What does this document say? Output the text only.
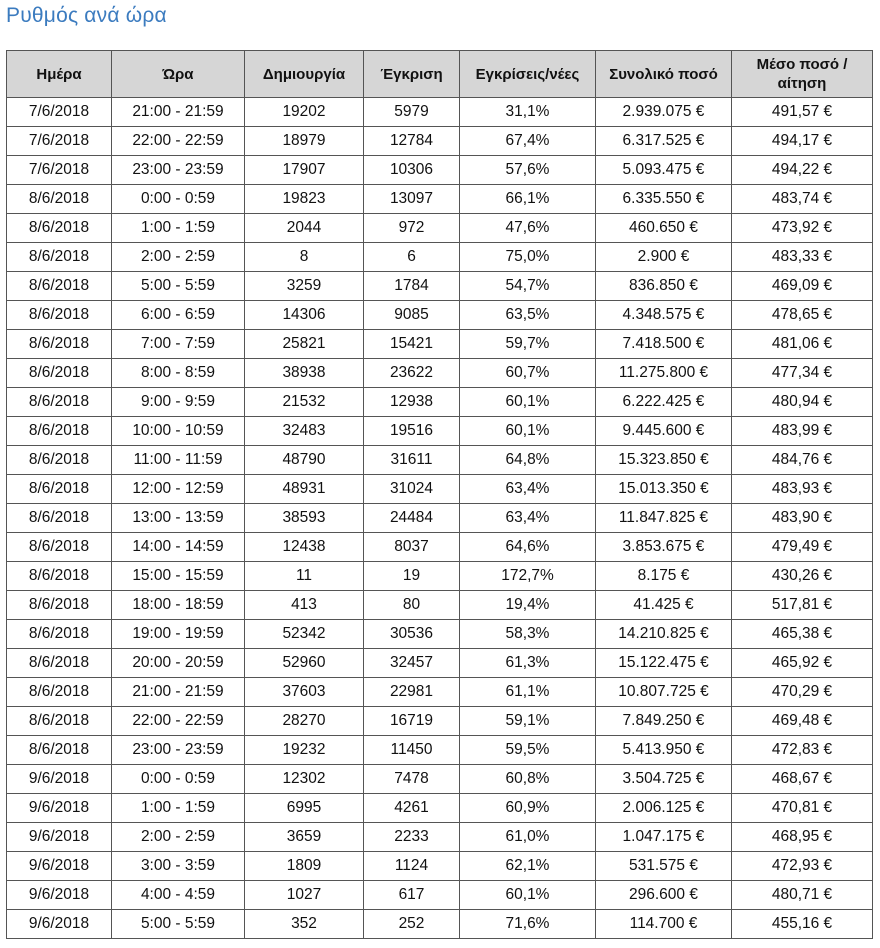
Ρυθμός ανά ώρα
Ημέρα	Ώρα	Δημιουργία	Έγκριση	Εγκρίσεις/νέες	Συνολικό ποσό	Μέσο ποσό / αίτηση
7/6/2018	21:00 - 21:59	19202	5979	31,1%	2.939.075 €	491,57 €
7/6/2018	22:00 - 22:59	18979	12784	67,4%	6.317.525 €	494,17 €
7/6/2018	23:00 - 23:59	17907	10306	57,6%	5.093.475 €	494,22 €
8/6/2018	0:00 - 0:59	19823	13097	66,1%	6.335.550 €	483,74 €
8/6/2018	1:00 - 1:59	2044	972	47,6%	460.650 €	473,92 €
8/6/2018	2:00 - 2:59	8	6	75,0%	2.900 €	483,33 €
8/6/2018	5:00 - 5:59	3259	1784	54,7%	836.850 €	469,09 €
8/6/2018	6:00 - 6:59	14306	9085	63,5%	4.348.575 €	478,65 €
8/6/2018	7:00 - 7:59	25821	15421	59,7%	7.418.500 €	481,06 €
8/6/2018	8:00 - 8:59	38938	23622	60,7%	11.275.800 €	477,34 €
8/6/2018	9:00 - 9:59	21532	12938	60,1%	6.222.425 €	480,94 €
8/6/2018	10:00 - 10:59	32483	19516	60,1%	9.445.600 €	483,99 €
8/6/2018	11:00 - 11:59	48790	31611	64,8%	15.323.850 €	484,76 €
8/6/2018	12:00 - 12:59	48931	31024	63,4%	15.013.350 €	483,93 €
8/6/2018	13:00 - 13:59	38593	24484	63,4%	11.847.825 €	483,90 €
8/6/2018	14:00 - 14:59	12438	8037	64,6%	3.853.675 €	479,49 €
8/6/2018	15:00 - 15:59	11	19	172,7%	8.175 €	430,26 €
8/6/2018	18:00 - 18:59	413	80	19,4%	41.425 €	517,81 €
8/6/2018	19:00 - 19:59	52342	30536	58,3%	14.210.825 €	465,38 €
8/6/2018	20:00 - 20:59	52960	32457	61,3%	15.122.475 €	465,92 €
8/6/2018	21:00 - 21:59	37603	22981	61,1%	10.807.725 €	470,29 €
8/6/2018	22:00 - 22:59	28270	16719	59,1%	7.849.250 €	469,48 €
8/6/2018	23:00 - 23:59	19232	11450	59,5%	5.413.950 €	472,83 €
9/6/2018	0:00 - 0:59	12302	7478	60,8%	3.504.725 €	468,67 €
9/6/2018	1:00 - 1:59	6995	4261	60,9%	2.006.125 €	470,81 €
9/6/2018	2:00 - 2:59	3659	2233	61,0%	1.047.175 €	468,95 €
9/6/2018	3:00 - 3:59	1809	1124	62,1%	531.575 €	472,93 €
9/6/2018	4:00 - 4:59	1027	617	60,1%	296.600 €	480,71 €
9/6/2018	5:00 - 5:59	352	252	71,6%	114.700 €	455,16 €
